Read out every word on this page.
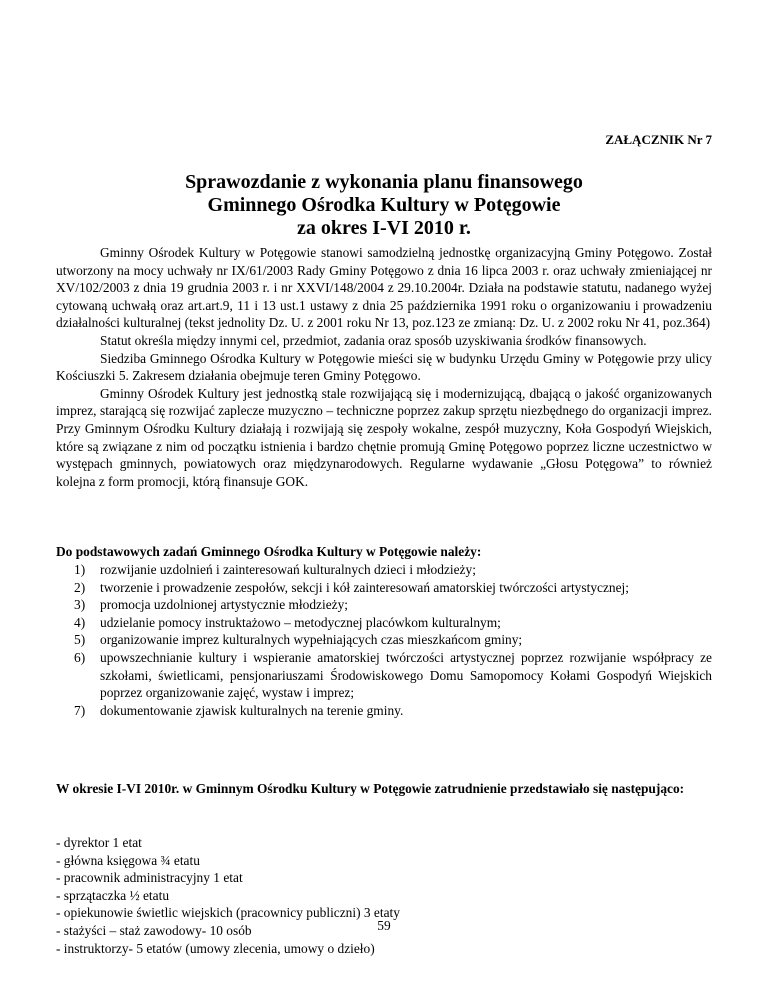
ZAŁĄCZNIK Nr 7
Sprawozdanie z wykonania planu finansowego
Gminnego Ośrodka Kultury w Potęgowie
za okres I-VI 2010 r.

Gminny Ośrodek Kultury w Potęgowie stanowi samodzielną jednostkę organizacyjną Gminy Potęgowo. Został utworzony na mocy uchwały nr IX/61/2003 Rady Gminy Potęgowo z dnia 16 lipca 2003 r. oraz uchwały zmieniającej nr XV/102/2003 z dnia 19 grudnia 2003 r. i nr XXVI/148/2004 z 29.10.2004r. Działa na podstawie statutu, nadanego wyżej cytowaną uchwałą oraz art.art.9, 11 i 13 ust.1 ustawy z dnia 25 października 1991 roku o organizowaniu i prowadzeniu działalności kulturalnej (tekst jednolity Dz. U. z 2001 roku Nr 13, poz.123 ze zmianą: Dz. U. z 2002 roku Nr 41, poz.364)

Statut określa między innymi cel, przedmiot, zadania oraz sposób uzyskiwania środków finansowych.

Siedziba Gminnego Ośrodka Kultury w Potęgowie mieści się w budynku Urzędu Gminy w Potęgowie przy ulicy Kościuszki 5. Zakresem działania obejmuje teren Gminy Potęgowo.

Gminny Ośrodek Kultury jest jednostką stale rozwijającą się i modernizującą, dbającą o jakość organizowanych imprez, starającą się rozwijać zaplecze muzyczno – techniczne poprzez zakup sprzętu niezbędnego do organizacji imprez. Przy Gminnym Ośrodku Kultury działają i rozwijają się zespoły wokalne, zespół muzyczny, Koła Gospodyń Wiejskich, które są związane z nim od początku istnienia i bardzo chętnie promują Gminę Potęgowo poprzez liczne uczestnictwo w występach gminnych, powiatowych oraz międzynarodowych. Regularne wydawanie „Głosu Potęgowa” to również kolejna z form promocji, którą finansuje GOK.

Do podstawowych zadań Gminnego Ośrodka Kultury w Potęgowie należy:
1) rozwijanie uzdolnień i zainteresowań kulturalnych dzieci i młodzieży;
2) tworzenie i prowadzenie zespołów, sekcji i kół zainteresowań amatorskiej twórczości artystycznej;
3) promocja uzdolnionej artystycznie młodzieży;
4) udzielanie pomocy instruktażowo – metodycznej placówkom kulturalnym;
5) organizowanie imprez kulturalnych wypełniających czas mieszkańcom gminy;
6) upowszechnianie kultury i wspieranie amatorskiej twórczości artystycznej poprzez rozwijanie współpracy ze szkołami, świetlicami, pensjonariuszami Środowiskowego Domu Samopomocy Kołami Gospodyń Wiejskich poprzez organizowanie zajęć, wystaw i imprez;
7) dokumentowanie zjawisk kulturalnych na terenie gminy.
W okresie I-VI 2010r. w Gminnym Ośrodku Kultury w Potęgowie zatrudnienie przedstawiało się następująco:
- dyrektor 1 etat
- główna księgowa ¾ etatu
- pracownik administracyjny 1 etat
- sprzątaczka ½ etatu
- opiekunowie świetlic wiejskich (pracownicy publiczni) 3 etaty
- stażyści – staż zawodowy- 10 osób
- instruktorzy- 5 etatów (umowy zlecenia, umowy o dzieło)
59
